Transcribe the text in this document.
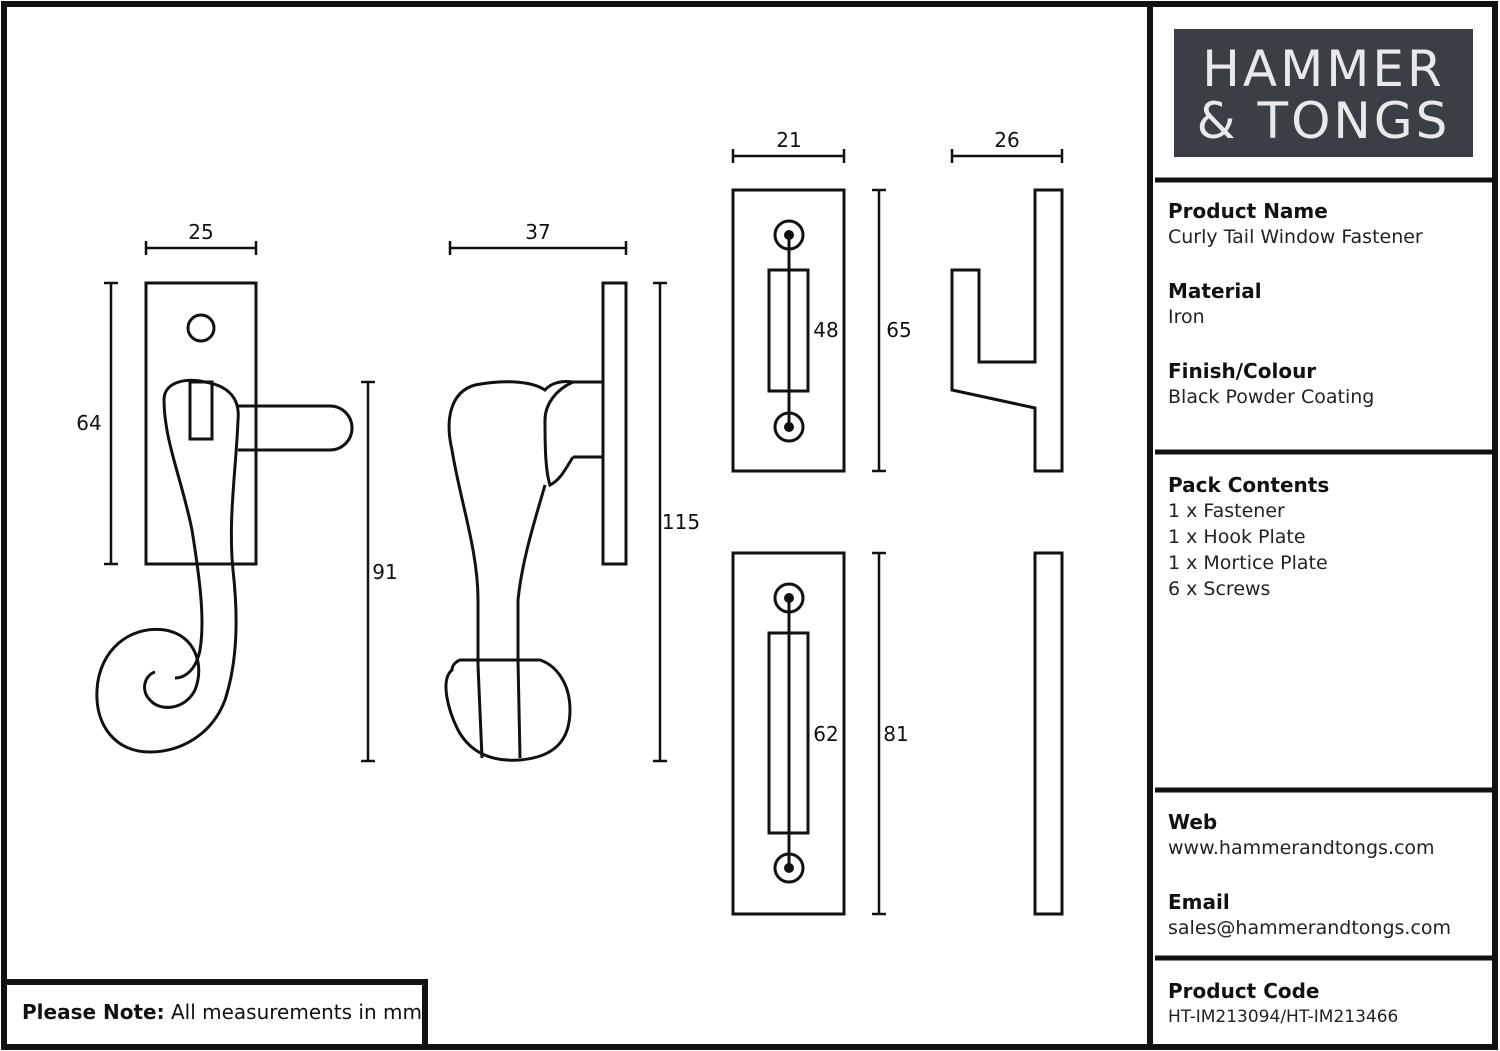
25
64
91
37
115
21
48 65
26
62 81
HAMMER
& TONGS
Product Name
Curly Tail Window Fastener
Material
Iron
Finish/Colour
Black Powder Coating
Pack Contents
1 x Fastener
1 x Hook Plate
1 x Mortice Plate
6 x Screws
Web
www.hammerandtongs.com
Email
sales@hammerandtongs.com
Product Code
HT-IM213094/HT-IM213466
Please Note: All measurements in mm
